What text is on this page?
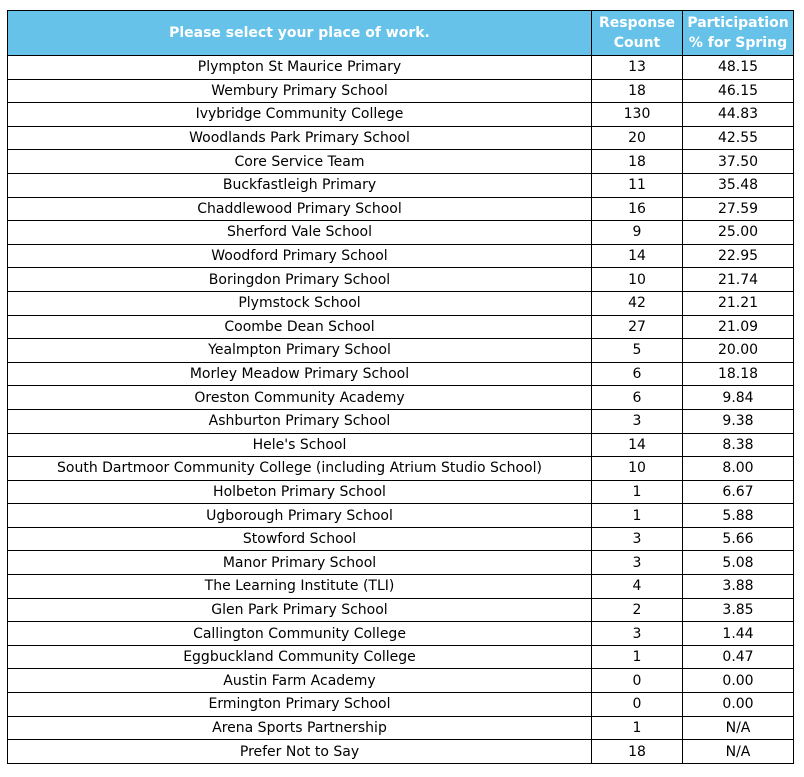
Please select your place of work.	Response Count	Participation % for Spring
Plympton St Maurice Primary	13	48.15
Wembury Primary School	18	46.15
Ivybridge Community College	130	44.83
Woodlands Park Primary School	20	42.55
Core Service Team	18	37.50
Buckfastleigh Primary	11	35.48
Chaddlewood Primary School	16	27.59
Sherford Vale School	9	25.00
Woodford Primary School	14	22.95
Boringdon Primary School	10	21.74
Plymstock School	42	21.21
Coombe Dean School	27	21.09
Yealmpton Primary School	5	20.00
Morley Meadow Primary School	6	18.18
Oreston Community Academy	6	9.84
Ashburton Primary School	3	9.38
Hele's School	14	8.38
South Dartmoor Community College (including Atrium Studio School)	10	8.00
Holbeton Primary School	1	6.67
Ugborough Primary School	1	5.88
Stowford School	3	5.66
Manor Primary School	3	5.08
The Learning Institute (TLI)	4	3.88
Glen Park Primary School	2	3.85
Callington Community College	3	1.44
Eggbuckland Community College	1	0.47
Austin Farm Academy	0	0.00
Ermington Primary School	0	0.00
Arena Sports Partnership	1	N/A
Prefer Not to Say	18	N/A
